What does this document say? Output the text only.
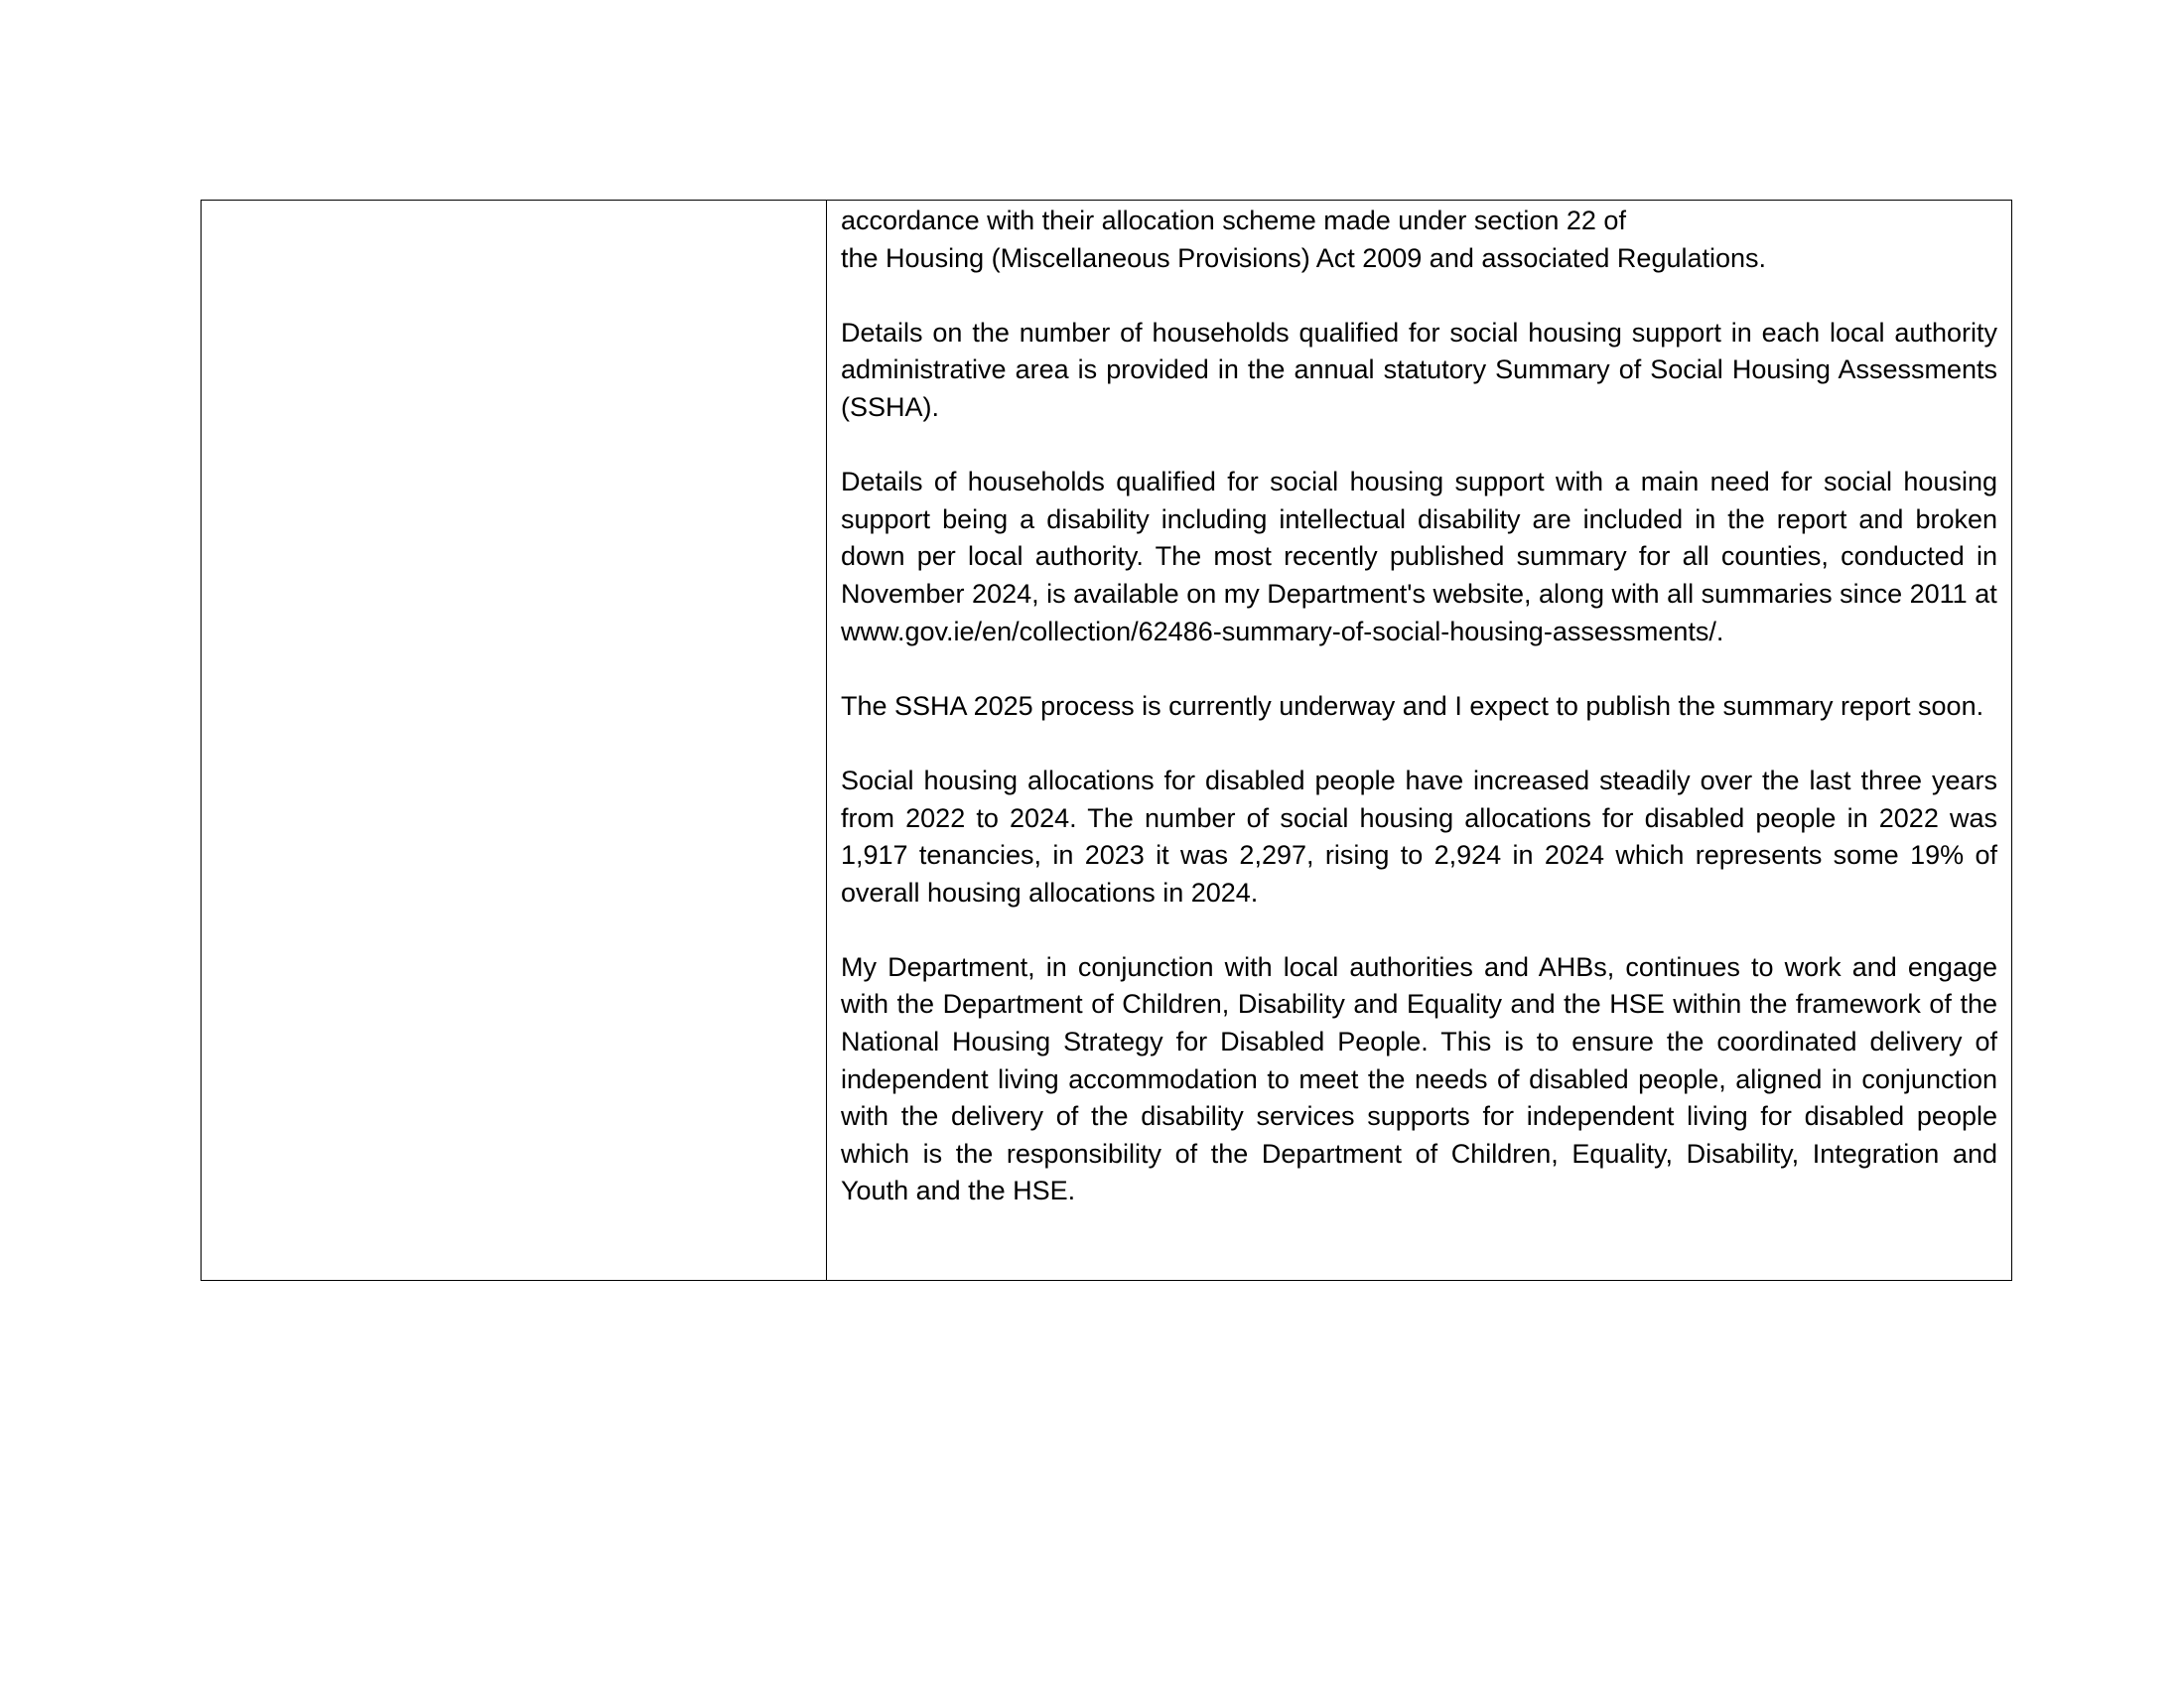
accordance with their allocation scheme made under section 22 of
the Housing (Miscellaneous Provisions) Act 2009 and associated Regulations.

Details on the number of households qualified for social housing support in each local authority administrative area is provided in the annual statutory Summary of Social Housing Assessments (SSHA).

Details of households qualified for social housing support with a main need for social housing support being a disability including intellectual disability are included in the report and broken down per local authority. The most recently published summary for all counties, conducted in November 2024, is available on my Department's website, along with all summaries since 2011 at
www.gov.ie/en/collection/62486-summary-of-social-housing-assessments/.

The SSHA 2025 process is currently underway and I expect to publish the summary report soon.

Social housing allocations for disabled people have increased steadily over the last three years from 2022 to 2024. The number of social housing allocations for disabled people in 2022 was 1,917 tenancies, in 2023 it was 2,297, rising to 2,924 in 2024 which represents some 19% of overall housing allocations in 2024.

My Department, in conjunction with local authorities and AHBs, continues to work and engage with the Department of Children, Disability and Equality and the HSE within the framework of the National Housing Strategy for Disabled People. This is to ensure the coordinated delivery of independent living accommodation to meet the needs of disabled people, aligned in conjunction with the delivery of the disability services supports for independent living for disabled people which is the responsibility of the Department of Children, Equality, Disability, Integration and Youth and the HSE.
